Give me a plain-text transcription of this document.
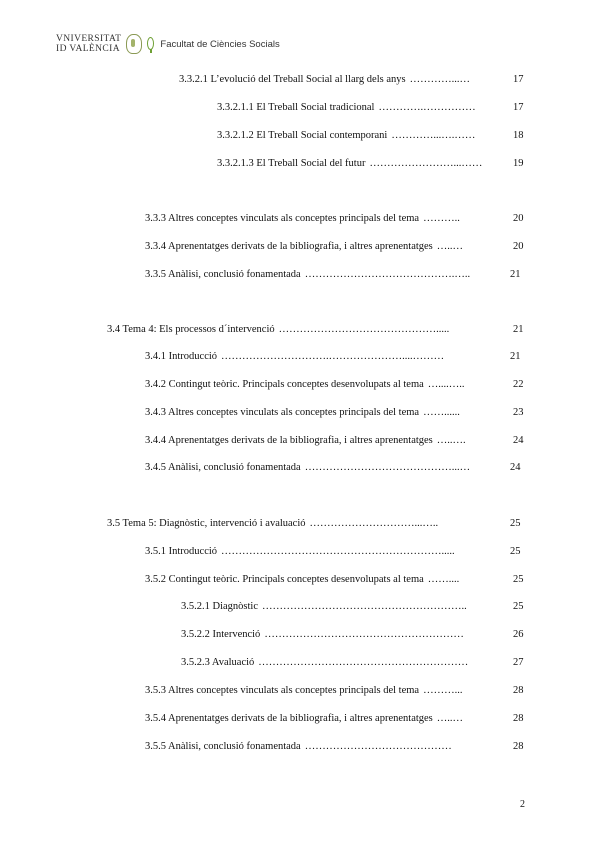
VNIVERSITAT
ID VALÈNCIA	Facultat de Ciències Socials
3.3.2.1 L’evolució del Treball Social al llarg dels anys …………...…	17
3.3.2.1.1 El Treball Social tradicional ………….……………	17
3.3.2.1.2 El Treball Social contemporani …………...….……	18
3.3.2.1.3 El Treball Social del futur ……………………...……	19
3.3.3 Altres conceptes vinculats als conceptes principals del tema ………..	20
3.3.4 Aprenentatges derivats de la bibliografia, i altres aprenentatges …..…	20
3.3.5 Anàlisi, conclusió fonamentada …………………………………….…..	21
3.4 Tema 4: Els processos d´intervenció ……………………………………….....	21
3.4.1 Introducció ………………………….…………………....………	21
3.4.2 Contingut teòric. Principals conceptes desenvolupats al tema …....…..	22
3.4.3 Altres conceptes vinculats als conceptes principals del tema ……......	23
3.4.4 Aprenentatges derivats de la bibliografia, i altres aprenentatges …..….	24
3.4.5 Anàlisi, conclusió fonamentada ……………………………………...…	24
3.5 Tema 5: Diagnòstic, intervenció i avaluació …………………………...…..	25
3.5.1 Introducció ……………………………………………………….....	25
3.5.2 Contingut teòric. Principals conceptes desenvolupats al tema ……....	25
3.5.2.1 Diagnòstic …………………………………………………..	25
3.5.2.2 Intervenció …………………………………………………	26
3.5.2.3 Avaluació ……………………………………………………	27
3.5.3 Altres conceptes vinculats als conceptes principals del tema ………...	28
3.5.4 Aprenentatges derivats de la bibliografia, i altres aprenentatges …..…	28
3.5.5 Anàlisi, conclusió fonamentada ……………………………………	28
2
